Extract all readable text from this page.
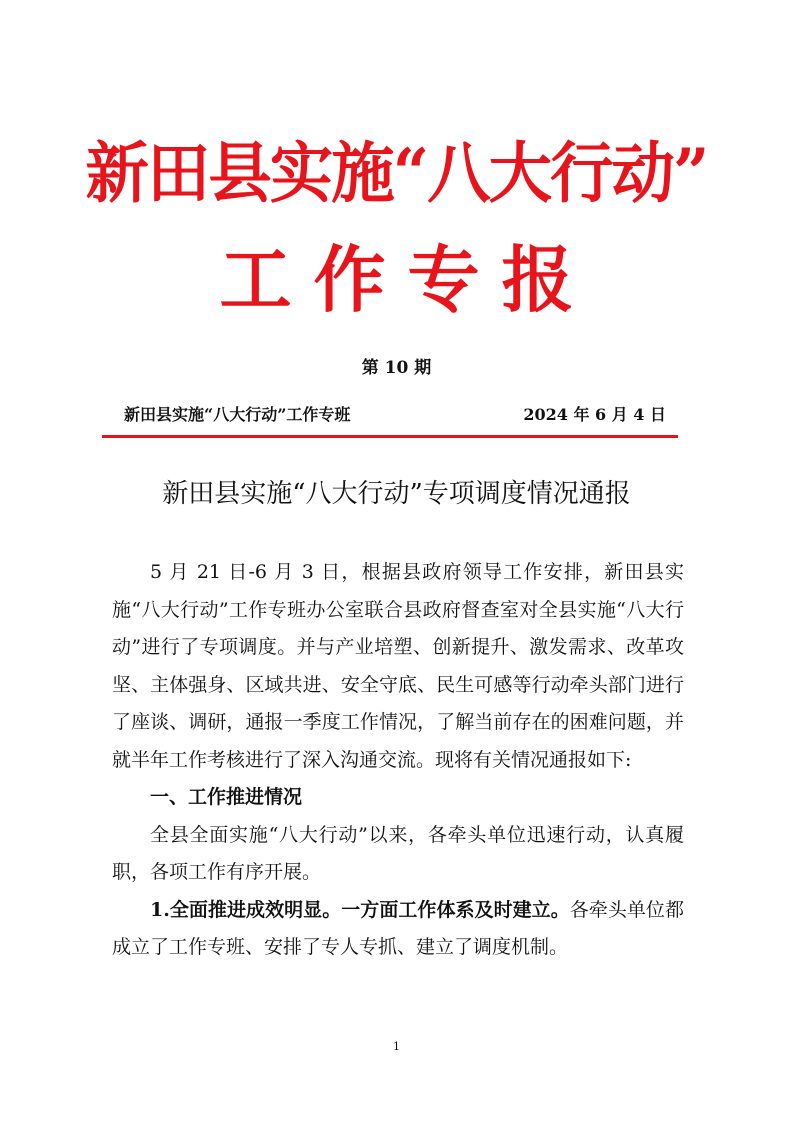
新田县实施“八大行动”
工作专报
第 10 期
新田县实施“八大行动”工作专班	2024 年 6 月 4 日
新田县实施“八大行动”专项调度情况通报

5 月 21 日-6 月 3 日，根据县政府领导工作安排，新田县实施“八大行动”工作专班办公室联合县政府督查室对全县实施“八大行动”进行了专项调度。并与产业培塑、创新提升、激发需求、改革攻坚、主体强身、区域共进、安全守底、民生可感等行动牵头部门进行了座谈、调研，通报一季度工作情况，了解当前存在的困难问题，并就半年工作考核进行了深入沟通交流。现将有关情况通报如下:

一、工作推进情况

全县全面实施“八大行动”以来，各牵头单位迅速行动，认真履职，各项工作有序开展。

1.全面推进成效明显。一方面工作体系及时建立。各牵头单位都成立了工作专班、安排了专人专抓、建立了调度机制。

1
